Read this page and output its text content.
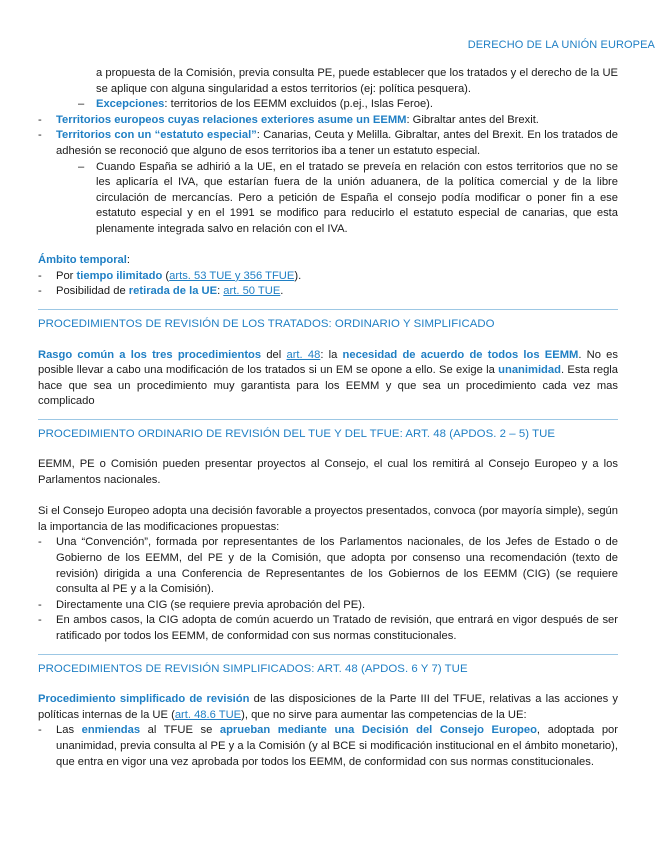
DERECHO DE LA UNIÓN EUROPEA
a propuesta de la Comisión, previa consulta PE, puede establecer que los tratados y el derecho de la UE se aplique con alguna singularidad a estos territorios (ej: política pesquera).
– Excepciones: territorios de los EEMM excluidos (p.ej., Islas Feroe).
- Territorios europeos cuyas relaciones exteriores asume un EEMM: Gibraltar antes del Brexit.
- Territorios con un “estatuto especial”: Canarias, Ceuta y Melilla. Gibraltar, antes del Brexit. En los tratados de adhesión se reconoció que alguno de esos territorios iba a tener un estatuto especial.
– Cuando España se adhirió a la UE, en el tratado se preveía en relación con estos territorios que no se les aplicaría el IVA, que estarían fuera de la unión aduanera, de la política comercial y de la libre circulación de mercancías. Pero a petición de España el consejo podía modificar o poner fin a ese estatuto especial y en el 1991 se modifico para reducirlo el estatuto especial de canarias, que esta plenamente integrada salvo en relación con el IVA.
Ámbito temporal:
- Por tiempo ilimitado (arts. 53 TUE y 356 TFUE).
- Posibilidad de retirada de la UE: art. 50 TUE.
PROCEDIMIENTOS DE REVISIÓN DE LOS TRATADOS: ORDINARIO Y SIMPLIFICADO

Rasgo común a los tres procedimientos del art. 48: la necesidad de acuerdo de todos los EEMM. No es posible llevar a cabo una modificación de los tratados si un EM se opone a ello. Se exige la unanimidad. Esta regla hace que sea un procedimiento muy garantista para los EEMM y que sea un procedimiento cada vez mas complicado

PROCEDIMIENTO ORDINARIO DE REVISIÓN DEL TUE Y DEL TFUE: ART. 48 (APDOS. 2 – 5) TUE

EEMM, PE o Comisión pueden presentar proyectos al Consejo, el cual los remitirá al Consejo Europeo y a los Parlamentos nacionales.

Si el Consejo Europeo adopta una decisión favorable a proyectos presentados, convoca (por mayoría simple), según la importancia de las modificaciones propuestas:

- Una “Convención”, formada por representantes de los Parlamentos nacionales, de los Jefes de Estado o de Gobierno de los EEMM, del PE y de la Comisión, que adopta por consenso una recomendación (texto de revisión) dirigida a una Conferencia de Representantes de los Gobiernos de los EEMM (CIG) (se requiere consulta al PE y a la Comisión).
- Directamente una CIG (se requiere previa aprobación del PE).
- En ambos casos, la CIG adopta de común acuerdo un Tratado de revisión, que entrará en vigor después de ser ratificado por todos los EEMM, de conformidad con sus normas constitucionales.
PROCEDIMIENTOS DE REVISIÓN SIMPLIFICADOS: ART. 48 (APDOS. 6 Y 7) TUE

Procedimiento simplificado de revisión de las disposiciones de la Parte III del TFUE, relativas a las acciones y políticas internas de la UE (art. 48.6 TUE), que no sirve para aumentar las competencias de la UE:

- Las enmiendas al TFUE se aprueban mediante una Decisión del Consejo Europeo, adoptada por unanimidad, previa consulta al PE y a la Comisión (y al BCE si modificación institucional en el ámbito monetario), que entra en vigor una vez aprobada por todos los EEMM, de conformidad con sus normas constitucionales.
